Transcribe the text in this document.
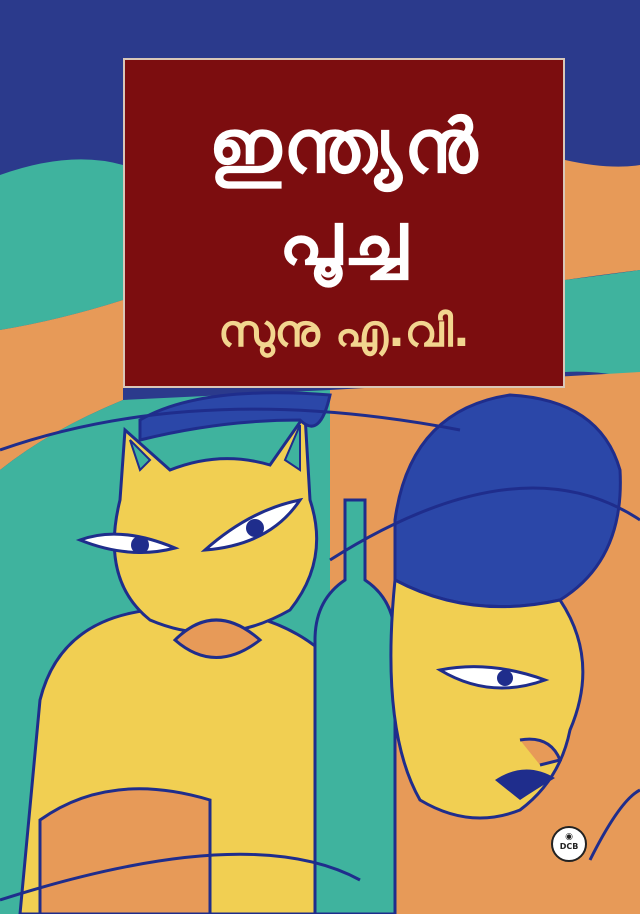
ഇന്ത്യൻ
പൂച്ച
സുനു എ.വി.
◉
DCB
